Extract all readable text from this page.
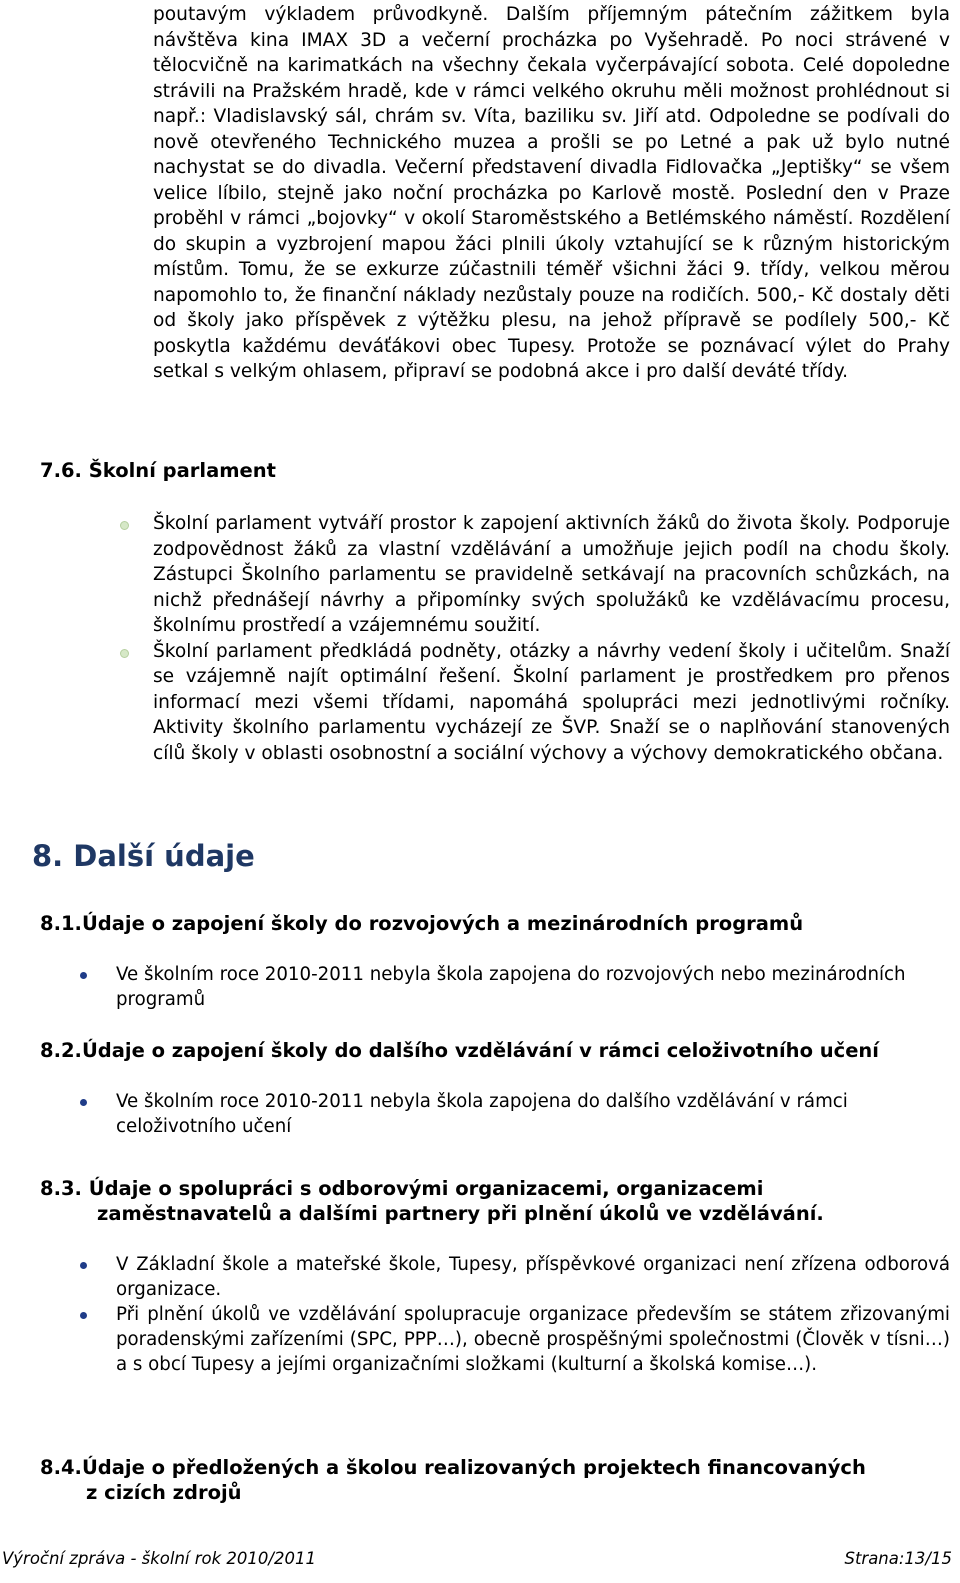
poutavým výkladem průvodkyně. Dalším příjemným pátečním zážitkem byla návštěva kina IMAX 3D a večerní procházka po Vyšehradě. Po noci strávené v tělocvičně na karimatkách na všechny čekala vyčerpávající sobota. Celé dopoledne strávili na Pražském hradě, kde v rámci velkého okruhu měli možnost prohlédnout si např.: Vladislavský sál, chrám sv. Víta, baziliku sv. Jiří atd. Odpoledne se podívali do nově otevřeného Technického muzea a prošli se po Letné a pak už bylo nutné nachystat se do divadla. Večerní představení divadla Fidlovačka „Jeptišky“ se všem velice líbilo, stejně jako noční procházka po Karlově mostě. Poslední den v Praze proběhl v rámci „bojovky“ v okolí Staroměstského a Betlémského náměstí. Rozdělení do skupin a vyzbrojení mapou žáci plnili úkoly vztahující se k různým historickým místům. Tomu, že se exkurze zúčastnili téměř všichni žáci 9. třídy, velkou měrou napomohlo to, že finanční náklady nezůstaly pouze na rodičích. 500,- Kč dostaly děti od školy jako příspěvek z výtěžku plesu, na jehož přípravě se podílely 500,- Kč poskytla každému deváťákovi obec Tupesy. Protože se poznávací výlet do Prahy setkal s velkým ohlasem, připraví se podobná akce i pro další deváté třídy.

7.6. Školní parlament
Školní parlament vytváří prostor k zapojení aktivních žáků do života školy. Podporuje zodpovědnost žáků za vlastní vzdělávání a umožňuje jejich podíl na chodu školy. Zástupci Školního parlamentu se pravidelně setkávají na pracovních schůzkách, na nichž přednášejí návrhy a připomínky svých spolužáků ke vzdělávacímu procesu, školnímu prostředí a vzájemnému soužití.
Školní parlament předkládá podněty, otázky a návrhy vedení školy i učitelům. Snaží se vzájemně najít optimální řešení. Školní parlament je prostředkem pro přenos informací mezi všemi třídami, napomáhá spolupráci mezi jednotlivými ročníky. Aktivity školního parlamentu vycházejí ze ŠVP. Snaží se o naplňování stanovených cílů školy v oblasti osobnostní a sociální výchovy a výchovy demokratického občana.
8. Další údaje
8.1.Údaje o zapojení školy do rozvojových a mezinárodních programů
Ve školním roce 2010-2011 nebyla škola zapojena do rozvojových nebo mezinárodních programů
8.2.Údaje o zapojení školy do dalšího vzdělávání v rámci celoživotního učení
Ve školním roce 2010-2011 nebyla škola zapojena do dalšího vzdělávání v rámci celoživotního učení
8.3. Údaje o spolupráci s odborovými organizacemi, organizacemi
zaměstnavatelů a dalšími partnery při plnění úkolů ve vzdělávání.
V Základní škole a mateřské škole, Tupesy, příspěvkové organizaci není zřízena odborová organizace.
Při plnění úkolů ve vzdělávání spolupracuje organizace především se státem zřizovanými poradenskými zařízeními (SPC, PPP…), obecně prospěšnými společnostmi (Člověk v tísni…) a s obcí Tupesy a jejími organizačními složkami (kulturní a školská komise…).
8.4.Údaje o předložených a školou realizovaných projektech financovaných
z cizích zdrojů
Výroční zpráva - školní rok 2010/2011	Strana:13/15
